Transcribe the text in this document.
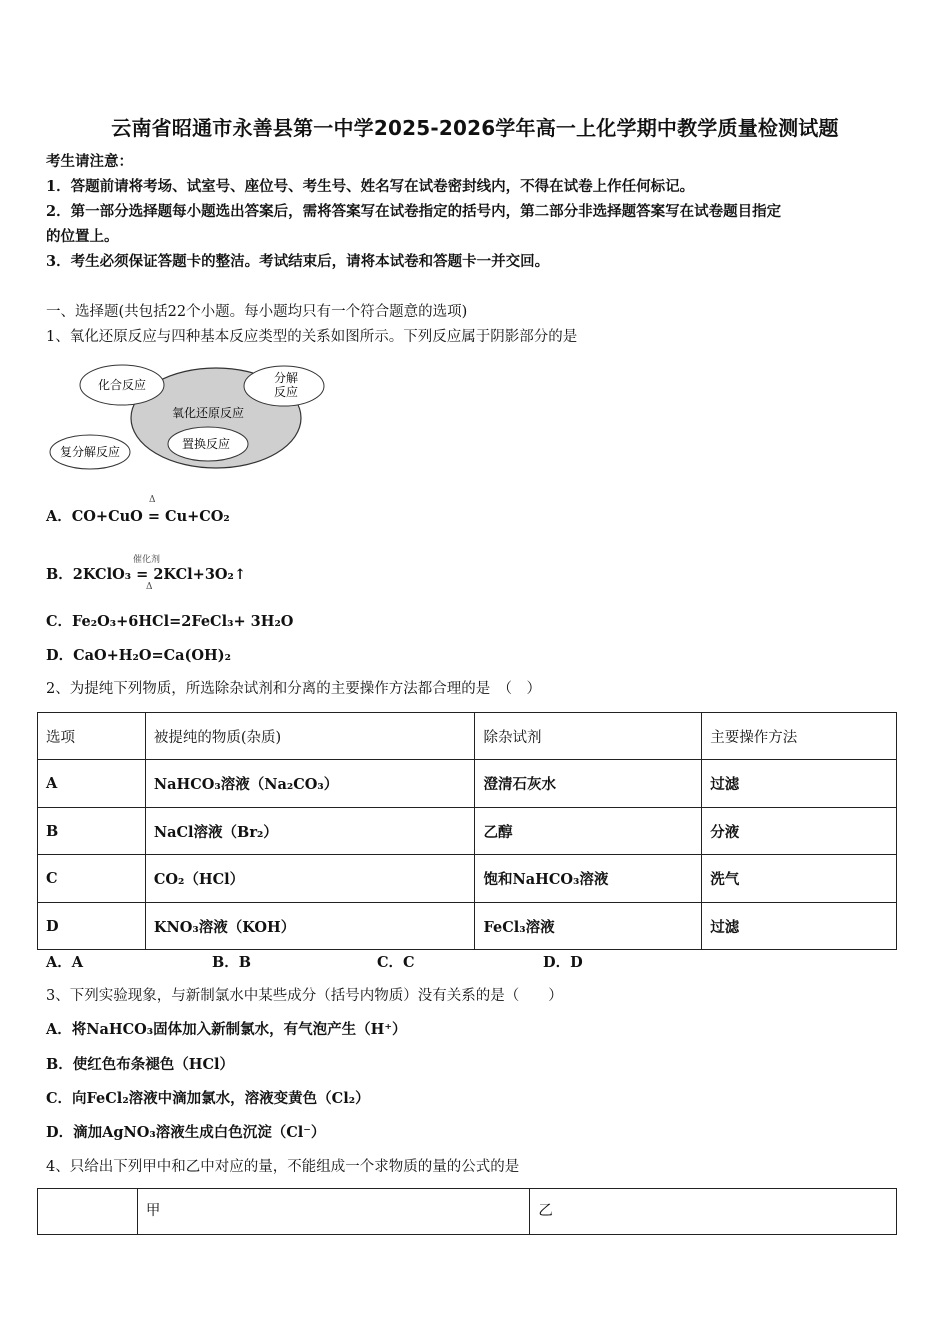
云南省昭通市永善县第一中学2025-2026学年高一上化学期中教学质量检测试题
考生请注意：
1．答题前请将考场、试室号、座位号、考生号、姓名写在试卷密封线内，不得在试卷上作任何标记。
2．第一部分选择题每小题选出答案后，需将答案写在试卷指定的括号内，第二部分非选择题答案写在试卷题目指定
的位置上。
3．考生必须保证答题卡的整洁。考试结束后，请将本试卷和答题卡一并交回。
一、选择题(共包括22个小题。每小题均只有一个符合题意的选项)
1、氧化还原反应与四种基本反应类型的关系如图所示。下列反应属于阴影部分的是
化合反应	分解
反应
氧化还原反应
置换反应
复分解反应
Δ
A．CO+CuO = Cu+CO₂
催化剂
B．2KClO₃ = 2KCl+3O₂↑
Δ
C．Fe₂O₃+6HCl=2FeCl₃+ 3H₂O
D．CaO+H₂O=Ca(OH)₂
2、为提纯下列物质，所选除杂试剂和分离的主要操作方法都合理的是　（　）
选项	被提纯的物质(杂质)	除杂试剂	主要操作方法
A	NaHCO₃溶液（Na₂CO₃）	澄清石灰水	过滤
B	NaCl溶液（Br₂）	乙醇	分液
C	CO₂（HCl）	饱和NaHCO₃溶液	洗气
D	KNO₃溶液（KOH）	FeCl₃溶液	过滤
A．A	B．B	C．C	D．D
3、下列实验现象，与新制氯水中某些成分（括号内物质）没有关系的是（　　）
A．将NaHCO₃固体加入新制氯水，有气泡产生（H⁺）
B．使红色布条褪色（HCl）
C．向FeCl₂溶液中滴加氯水，溶液变黄色（Cl₂）
D．滴加AgNO₃溶液生成白色沉淀（Cl⁻）
4、只给出下列甲中和乙中对应的量，不能组成一个求物质的量的公式的是
	甲	乙
